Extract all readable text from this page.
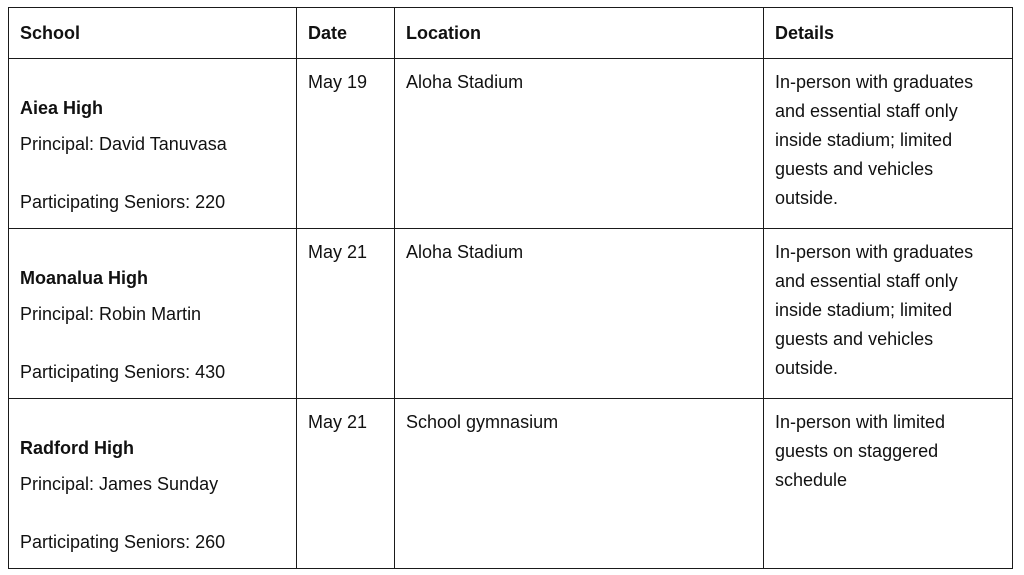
School	Date	Location	Details

Aiea High
Principal: David Tanuvasa
Participating Seniors: 220	May 19	Aloha Stadium	In-person with graduates and essential staff only inside stadium; limited guests and vehicles outside.

Moanalua High
Principal: Robin Martin
Participating Seniors: 430	May 21	Aloha Stadium	In-person with graduates and essential staff only inside stadium; limited guests and vehicles outside.

Radford High
Principal: James Sunday
Participating Seniors: 260	May 21	School gymnasium	In-person with limited guests on staggered schedule
